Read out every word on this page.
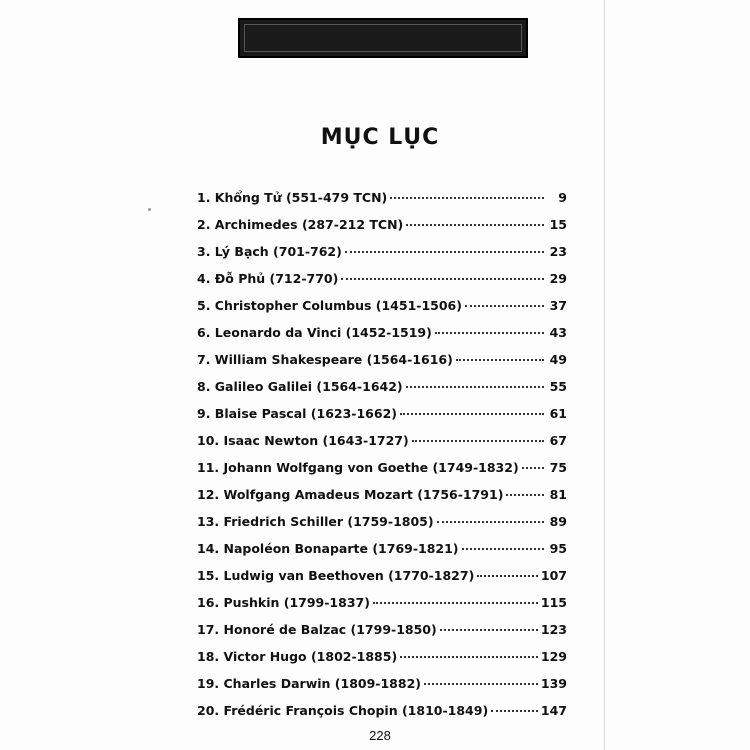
MỤC LỤC
1. Khổng Tử (551-479 TCN)	9
2. Archimedes (287-212 TCN)	15
3. Lý Bạch (701-762)	23
4. Đỗ Phủ (712-770)	29
5. Christopher Columbus (1451-1506)	37
6. Leonardo da Vinci (1452-1519)	43
7. William Shakespeare (1564-1616)	49
8. Galileo Galilei (1564-1642)	55
9. Blaise Pascal (1623-1662)	61
10. Isaac Newton (1643-1727)	67
11. Johann Wolfgang von Goethe (1749-1832) 75
12. Wolfgang Amadeus Mozart (1756-1791)	81
13. Friedrich Schiller (1759-1805)	89
14. Napoléon Bonaparte (1769-1821)	95
15. Ludwig van Beethoven (1770-1827)	107
16. Pushkin (1799-1837)	115
17. Honoré de Balzac (1799-1850)	123
18. Victor Hugo (1802-1885)	129
19. Charles Darwin (1809-1882)	139
20. Frédéric François Chopin (1810-1849)	147
228
